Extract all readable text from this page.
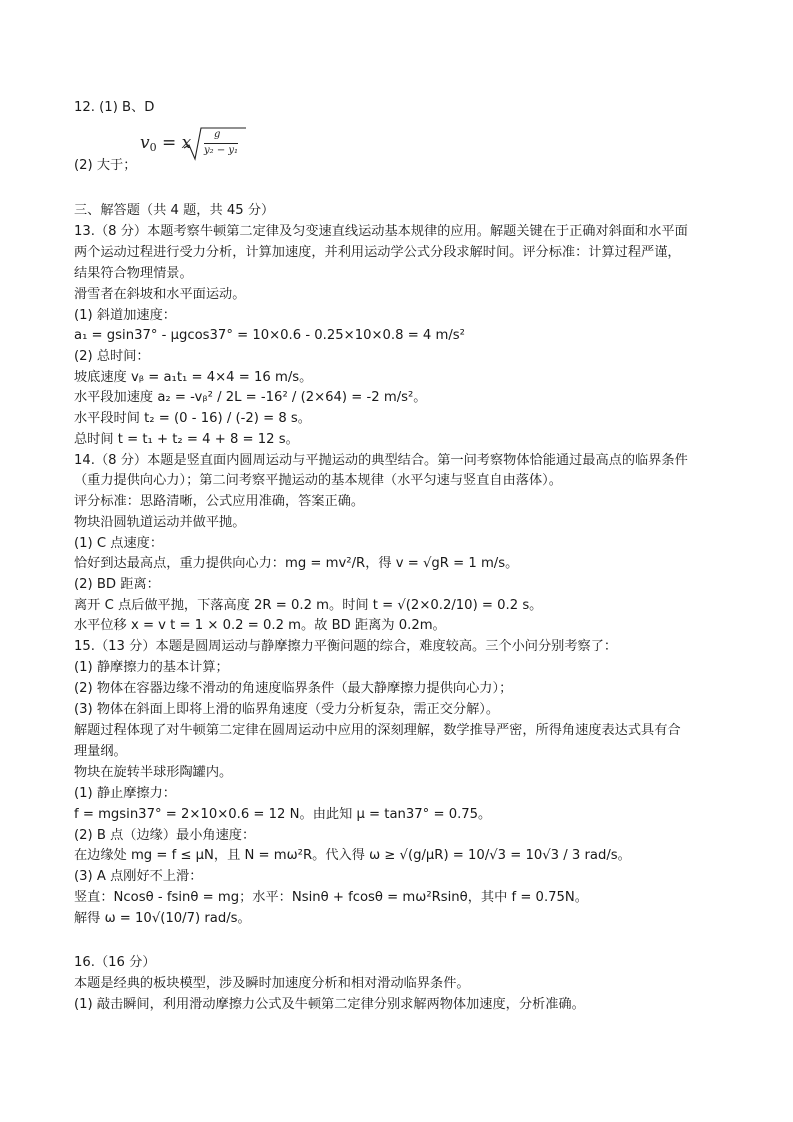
12. (1) B、D
$v_0 = x$ g
y₂ − y₁
(2) 大于；
三、解答题（共 4 题，共 45 分）
13.（8 分）本题考察牛顿第二定律及匀变速直线运动基本规律的应用。解题关键在于正确对斜面和水平面
两个运动过程进行受力分析，计算加速度，并利用运动学公式分段求解时间。评分标准：计算过程严谨，
结果符合物理情景。
滑雪者在斜坡和水平面运动。
(1) 斜道加速度：
a₁ = gsin37° - μgcos37° = 10×0.6 - 0.25×10×0.8 = 4 m/s²
(2) 总时间：
坡底速度 vᵦ = a₁t₁ = 4×4 = 16 m/s。
水平段加速度 a₂ = -vᵦ² / 2L = -16² / (2×64) = -2 m/s²。
水平段时间 t₂ = (0 - 16) / (-2) = 8 s。
总时间 t = t₁ + t₂ = 4 + 8 = 12 s。
14.（8 分）本题是竖直面内圆周运动与平抛运动的典型结合。第一问考察物体恰能通过最高点的临界条件
（重力提供向心力）；第二问考察平抛运动的基本规律（水平匀速与竖直自由落体）。
评分标准：思路清晰，公式应用准确，答案正确。
物块沿圆轨道运动并做平抛。
(1) C 点速度：
恰好到达最高点，重力提供向心力：mg = mv²/R，得 v = √gR = 1 m/s。
(2) BD 距离：
离开 C 点后做平抛，下落高度 2R = 0.2 m。时间 t = √(2×0.2/10) = 0.2 s。
水平位移 x = v t = 1 × 0.2 = 0.2 m。故 BD 距离为 0.2m。
15.（13 分）本题是圆周运动与静摩擦力平衡问题的综合，难度较高。三个小问分别考察了：
(1) 静摩擦力的基本计算；
(2) 物体在容器边缘不滑动的角速度临界条件（最大静摩擦力提供向心力）；
(3) 物体在斜面上即将上滑的临界角速度（受力分析复杂，需正交分解）。
解题过程体现了对牛顿第二定律在圆周运动中应用的深刻理解，数学推导严密，所得角速度表达式具有合
理量纲。
物块在旋转半球形陶罐内。
(1) 静止摩擦力：
f = mgsin37° = 2×10×0.6 = 12 N。由此知 μ = tan37° = 0.75。
(2) B 点（边缘）最小角速度：
在边缘处 mg = f ≤ μN，且 N = mω²R。代入得 ω ≥ √(g/μR) = 10/√3 = 10√3 / 3 rad/s。
(3) A 点刚好不上滑：
竖直：Ncosθ - fsinθ = mg；水平：Nsinθ + fcosθ = mω²Rsinθ，其中 f = 0.75N。
解得 ω = 10√(10/7) rad/s。
16.（16 分）
本题是经典的板块模型，涉及瞬时加速度分析和相对滑动临界条件。
(1) 敲击瞬间，利用滑动摩擦力公式及牛顿第二定律分别求解两物体加速度，分析准确。
